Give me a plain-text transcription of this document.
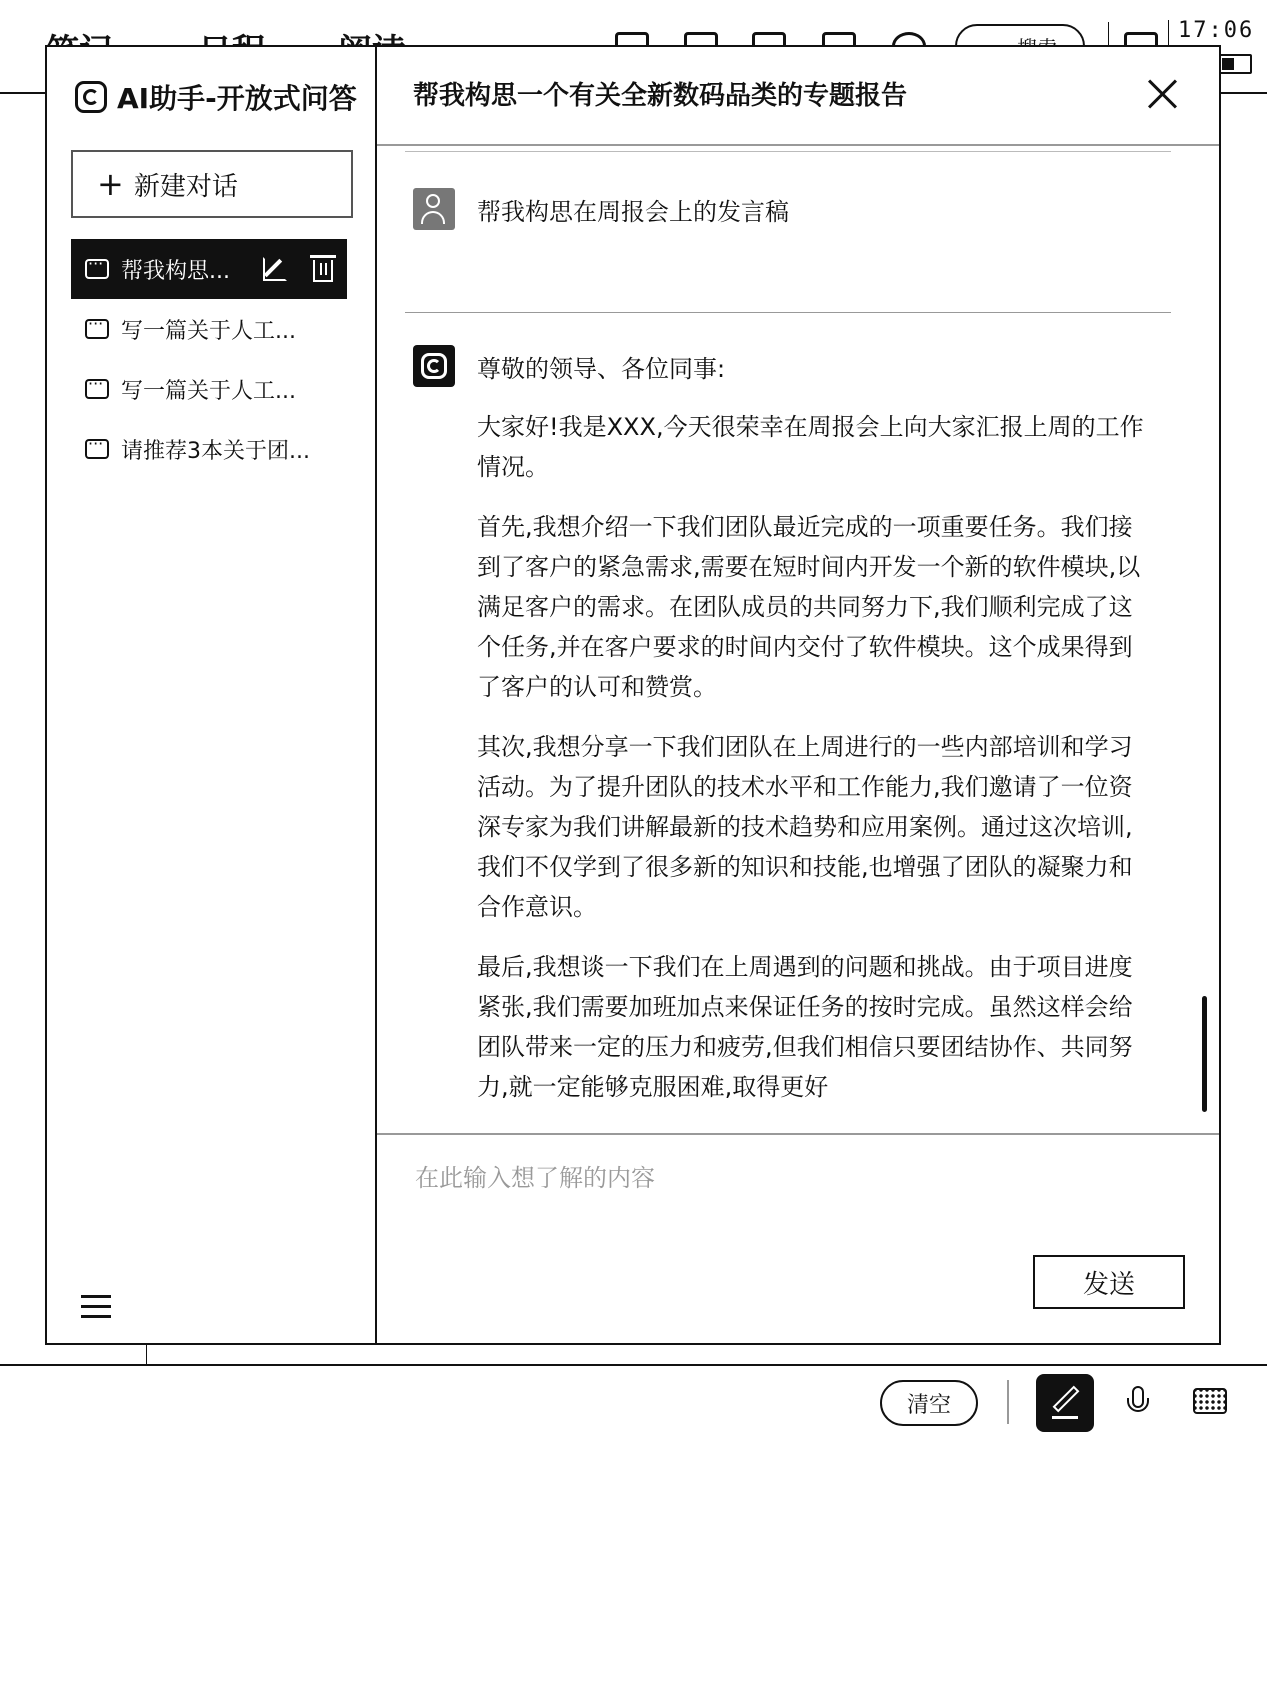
17:06
AI助手-开放式问答
+ 新建对话
···
帮我构思...
···
写一篇关于人工...
···
写一篇关于人工...
···
请推荐3本关于团...
帮我构思一个有关全新数码品类的专题报告
帮我构思在周报会上的发言稿
尊敬的领导、各位同事:

大家好!我是XXX,今天很荣幸在周报会上向大家汇报上周的工作情况。

首先,我想介绍一下我们团队最近完成的一项重要任务。我们接到了客户的紧急需求,需要在短时间内开发一个新的软件模块,以满足客户的需求。在团队成员的共同努力下,我们顺利完成了这个任务,并在客户要求的时间内交付了软件模块。这个成果得到了客户的认可和赞赏。

其次,我想分享一下我们团队在上周进行的一些内部培训和学习活动。为了提升团队的技术水平和工作能力,我们邀请了一位资深专家为我们讲解最新的技术趋势和应用案例。通过这次培训,我们不仅学到了很多新的知识和技能,也增强了团队的凝聚力和合作意识。

最后,我想谈一下我们在上周遇到的问题和挑战。由于项目进度紧张,我们需要加班加点来保证任务的按时完成。虽然这样会给团队带来一定的压力和疲劳,但我们相信只要团结协作、共同努力,就一定能够克服困难,取得更好

在此输入想了解的内容
发送
清空
